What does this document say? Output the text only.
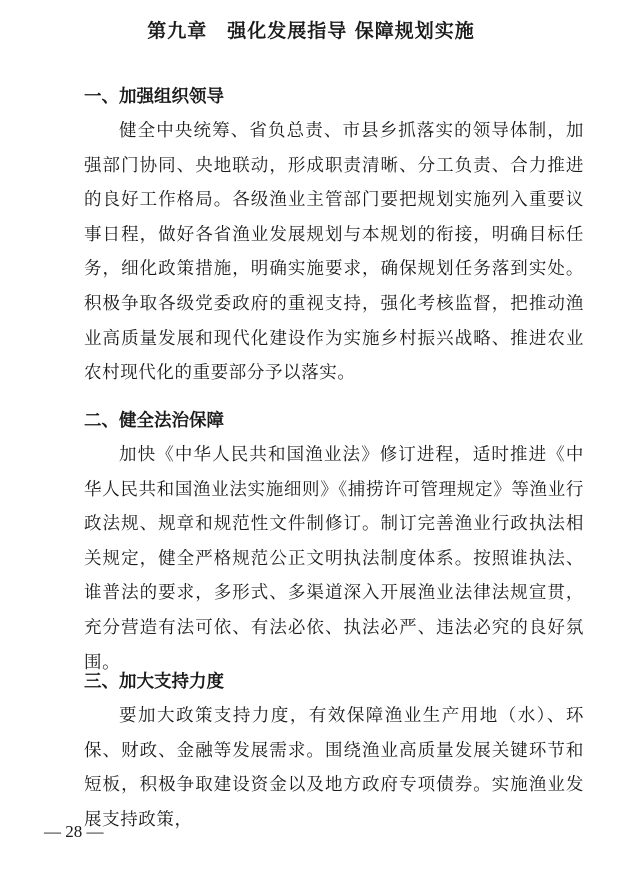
第九章　强化发展指导 保障规划实施
一、加强组织领导

健全中央统筹、省负总责、市县乡抓落实的领导体制，加强部门协同、央地联动，形成职责清晰、分工负责、合力推进的良好工作格局。各级渔业主管部门要把规划实施列入重要议事日程，做好各省渔业发展规划与本规划的衔接，明确目标任务，细化政策措施，明确实施要求，确保规划任务落到实处。积极争取各级党委政府的重视支持，强化考核监督，把推动渔业高质量发展和现代化建设作为实施乡村振兴战略、推进农业农村现代化的重要部分予以落实。

二、健全法治保障

加快《中华人民共和国渔业法》修订进程，适时推进《中华人民共和国渔业法实施细则》《捕捞许可管理规定》等渔业行政法规、规章和规范性文件制修订。制订完善渔业行政执法相关规定，健全严格规范公正文明执法制度体系。按照谁执法、谁普法的要求，多形式、多渠道深入开展渔业法律法规宣贯，充分营造有法可依、有法必依、执法必严、违法必究的良好氛围。

三、加大支持力度

要加大政策支持力度，有效保障渔业生产用地（水）、环保、财政、金融等发展需求。围绕渔业高质量发展关键环节和短板，积极争取建设资金以及地方政府专项债券。实施渔业发展支持政策，

— 28 —
